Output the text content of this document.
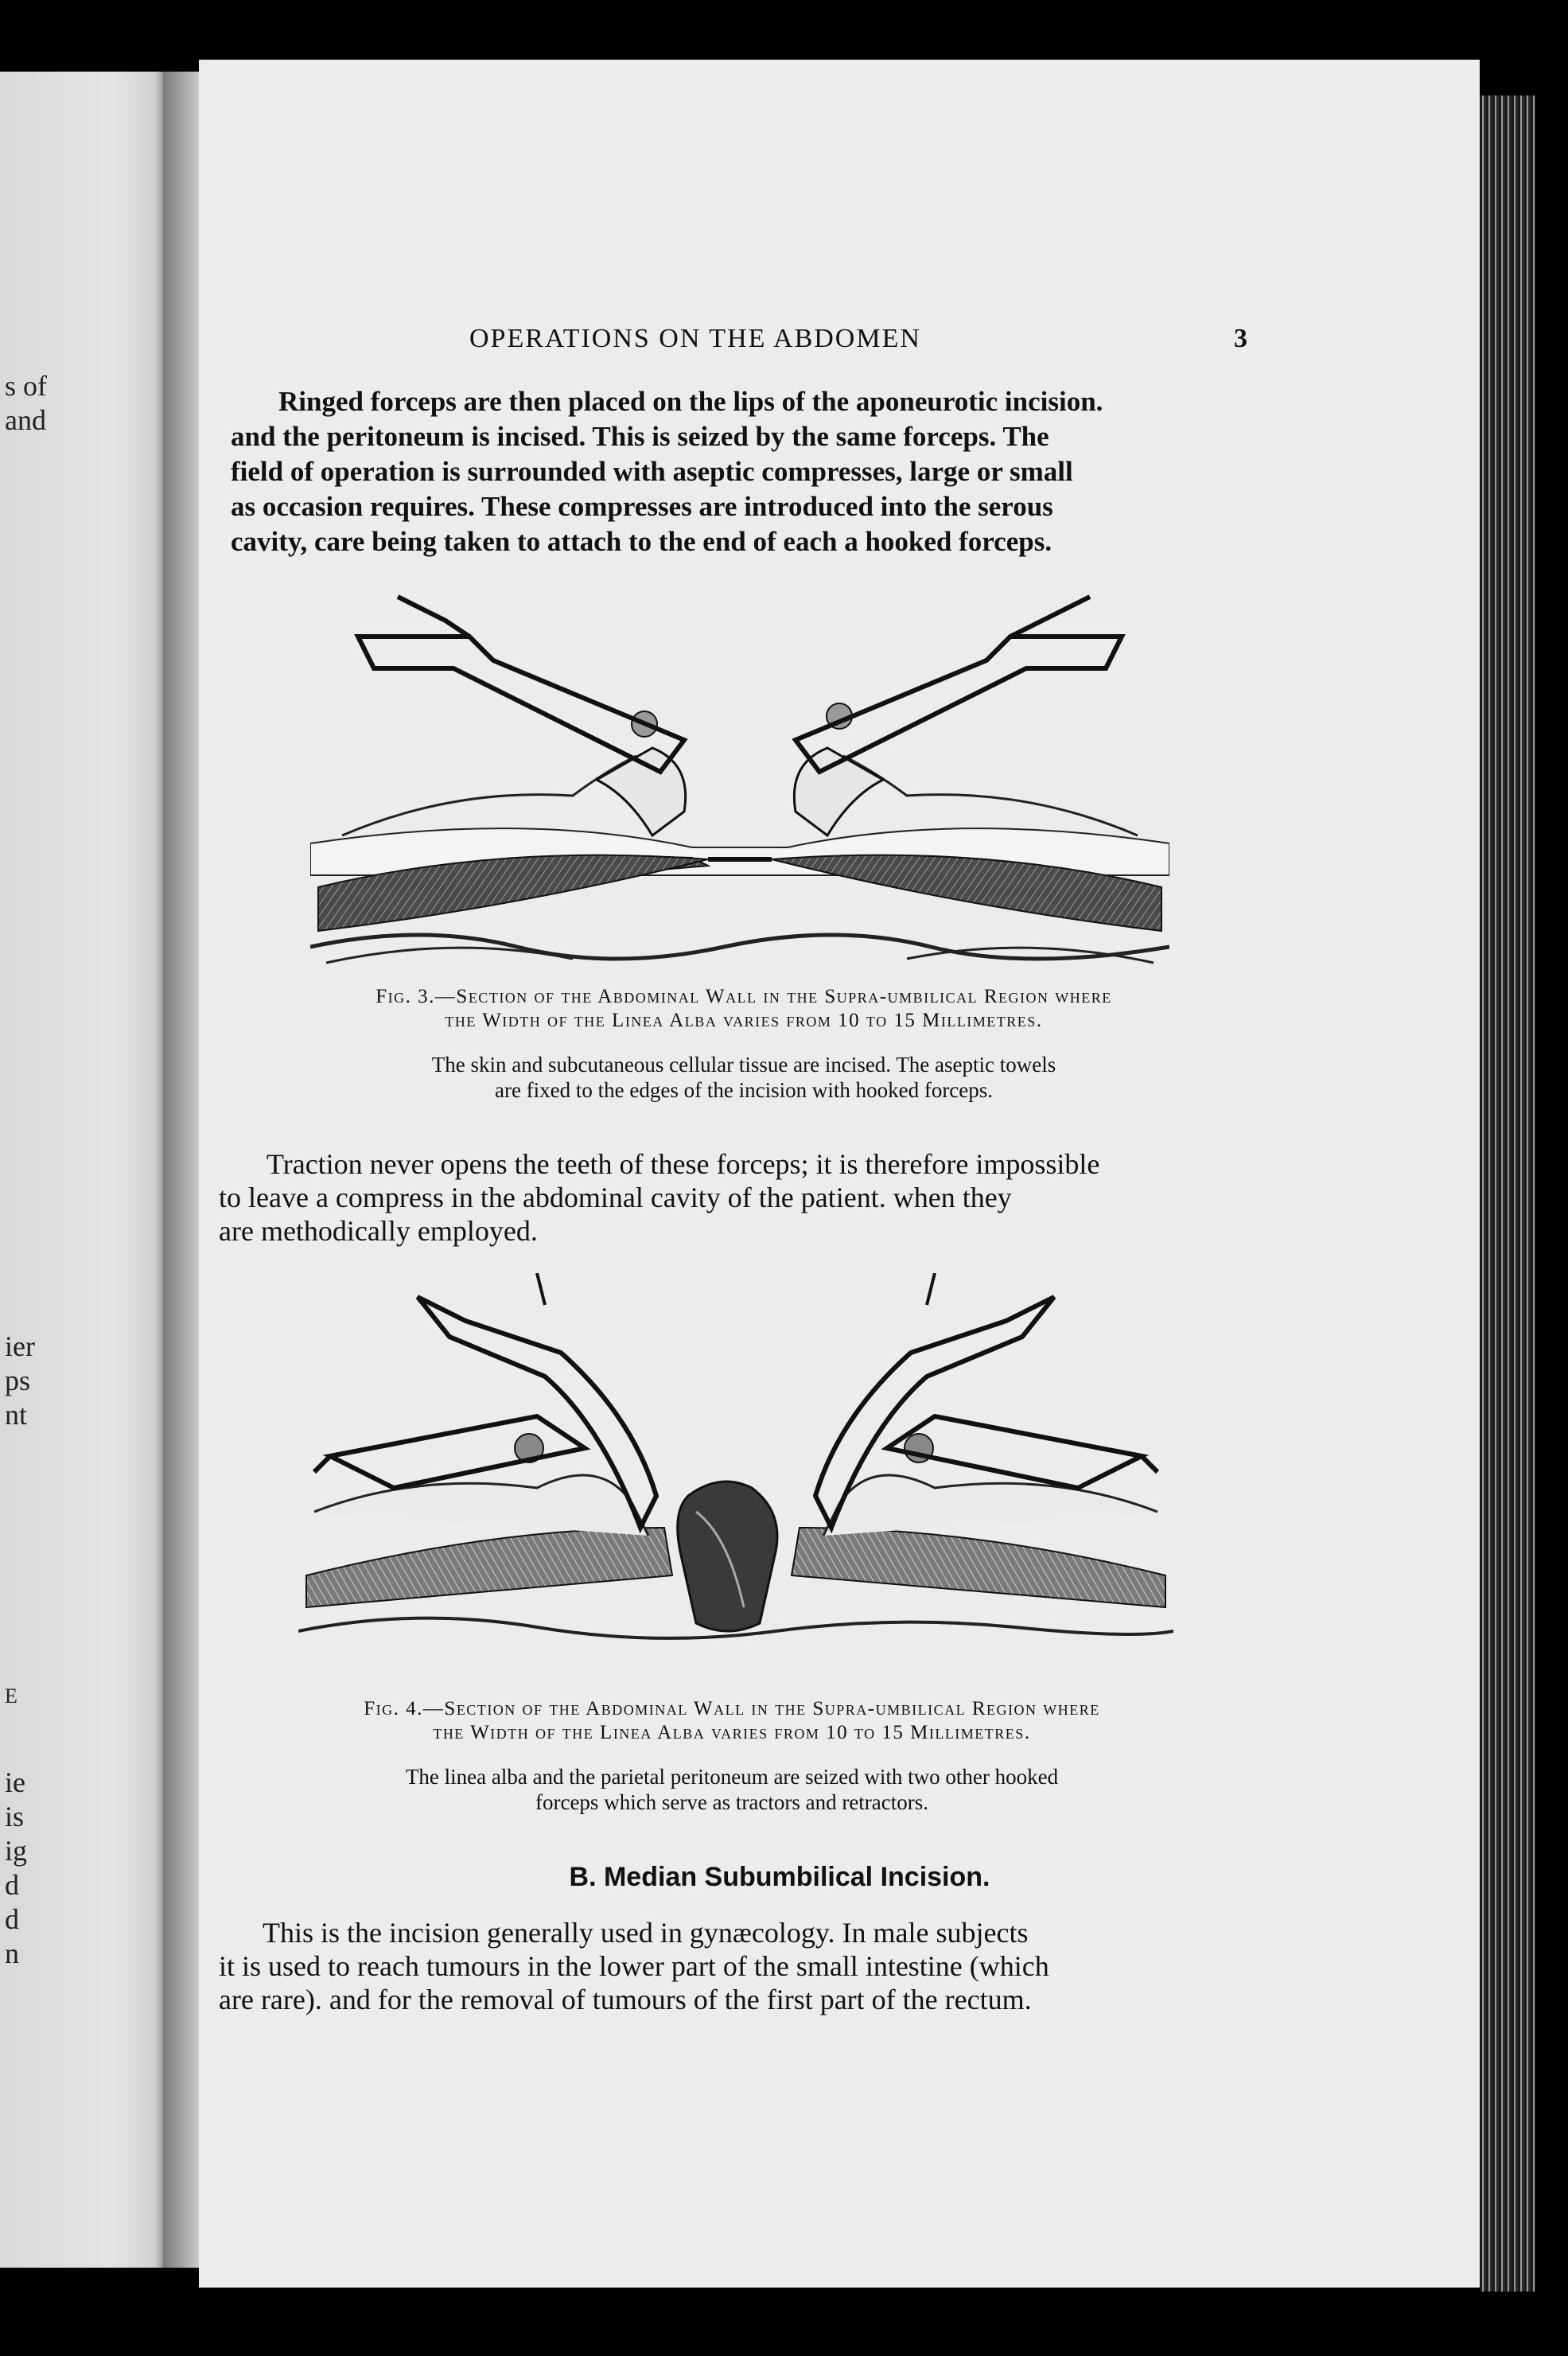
s of
and
ier
ps
nt
E
ie
is
ig
d
d
n
OPERATIONS ON THE ABDOMEN	3
Ringed forceps are then placed on the lips of the aponeurotic incision.
and the peritoneum is incised. This is seized by the same forceps. The
field of operation is surrounded with aseptic compresses, large or small
as occasion requires. These compresses are introduced into the serous
cavity, care being taken to attach to the end of each a hooked forceps.
Fig. 3.—Section of the Abdominal Wall in the Supra-umbilical Region where
the Width of the Linea Alba varies from 10 to 15 Millimetres.
The skin and subcutaneous cellular tissue are incised. The aseptic towels
are fixed to the edges of the incision with hooked forceps.
Traction never opens the teeth of these forceps; it is therefore impossible
to leave a compress in the abdominal cavity of the patient. when they
are methodically employed.
Fig. 4.—Section of the Abdominal Wall in the Supra-umbilical Region where
the Width of the Linea Alba varies from 10 to 15 Millimetres.
The linea alba and the parietal peritoneum are seized with two other hooked
forceps which serve as tractors and retractors.
B. Median Subumbilical Incision.
This is the incision generally used in gynæcology. In male subjects
it is used to reach tumours in the lower part of the small intestine (which
are rare). and for the removal of tumours of the first part of the rectum.
